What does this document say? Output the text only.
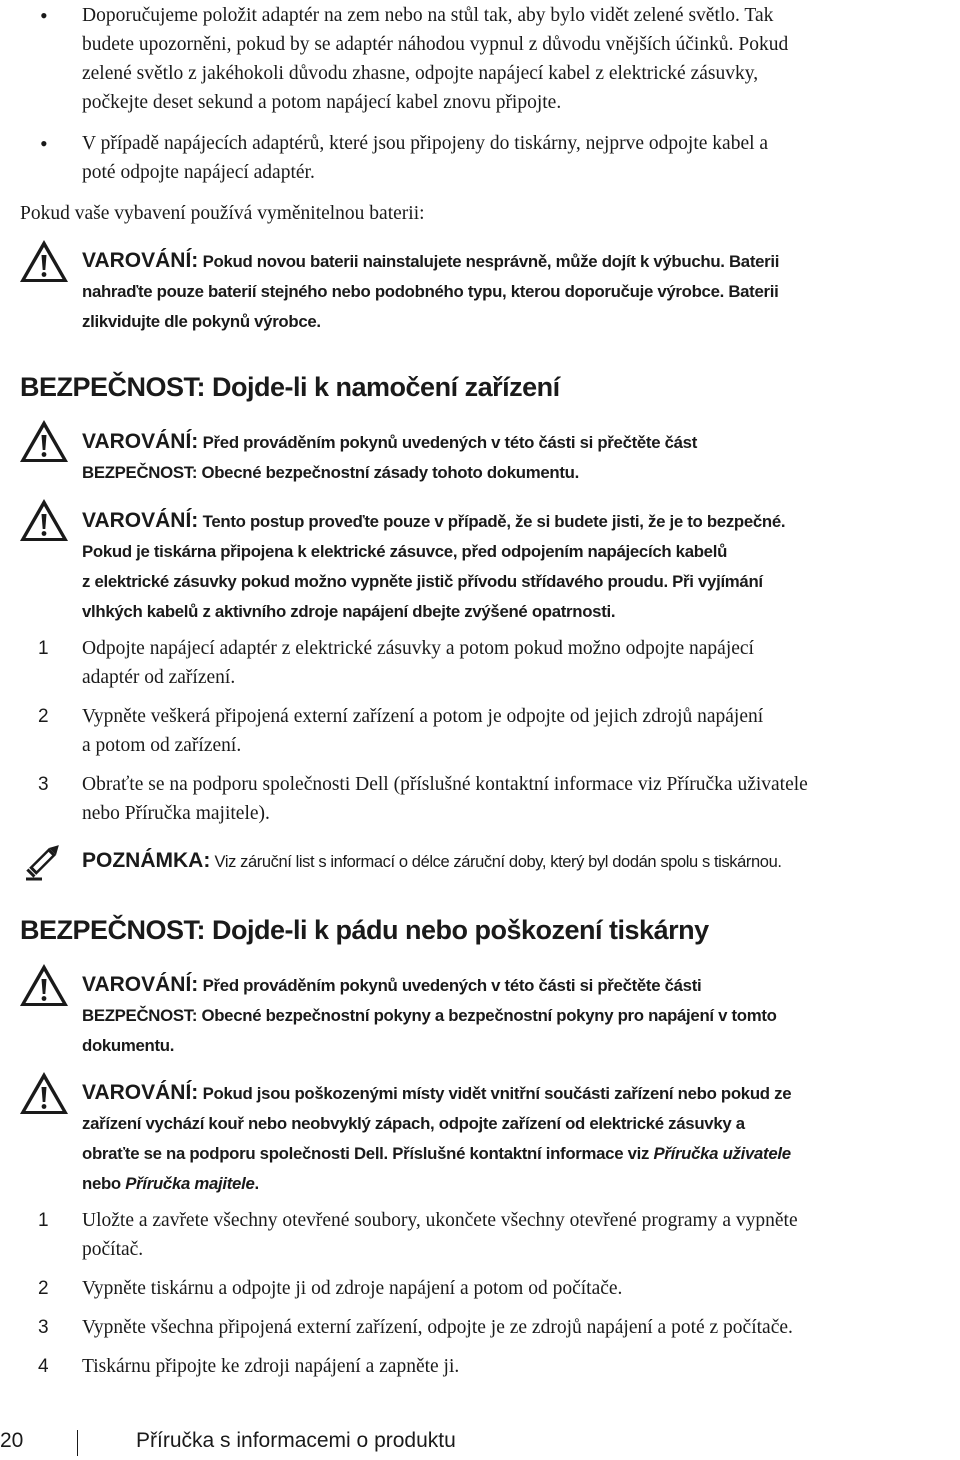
• Doporučujeme položit adaptér na zem nebo na stůl tak, aby bylo vidět zelené světlo. Tak
budete upozorněni, pokud by se adaptér náhodou vypnul z důvodu vnějších účinků. Pokud
zelené světlo z jakéhokoli důvodu zhasne, odpojte napájecí kabel z elektrické zásuvky,
počkejte deset sekund a potom napájecí kabel znovu připojte.
• V případě napájecích adaptérů, které jsou připojeny do tiskárny, nejprve odpojte kabel a
poté odpojte napájecí adaptér.
Pokud vaše vybavení používá vyměnitelnou baterii:
VAROVÁNÍ: Pokud novou baterii nainstalujete nesprávně, může dojít k výbuchu. Baterii
nahraďte pouze baterií stejného nebo podobného typu, kterou doporučuje výrobce. Baterii
zlikvidujte dle pokynů výrobce.
BEZPEČNOST: Dojde-li k namočení zařízení
VAROVÁNÍ: Před prováděním pokynů uvedených v této části si přečtěte část
BEZPEČNOST: Obecné bezpečnostní zásady tohoto dokumentu.
VAROVÁNÍ: Tento postup proveďte pouze v případě, že si budete jisti, že je to bezpečné.
Pokud je tiskárna připojena k elektrické zásuvce, před odpojením napájecích kabelů
z elektrické zásuvky pokud možno vypněte jistič přívodu střídavého proudu. Při vyjímání
vlhkých kabelů z aktivního zdroje napájení dbejte zvýšené opatrnosti.
1 Odpojte napájecí adaptér z elektrické zásuvky a potom pokud možno odpojte napájecí
adaptér od zařízení.
2 Vypněte veškerá připojená externí zařízení a potom je odpojte od jejich zdrojů napájení
a potom od zařízení.
3 Obraťte se na podporu společnosti Dell (příslušné kontaktní informace viz Příručka uživatele
nebo Příručka majitele).
POZNÁMKA: Viz záruční list s informací o délce záruční doby, který byl dodán spolu s tiskárnou.
BEZPEČNOST: Dojde-li k pádu nebo poškození tiskárny
VAROVÁNÍ: Před prováděním pokynů uvedených v této části si přečtěte části
BEZPEČNOST: Obecné bezpečnostní pokyny a bezpečnostní pokyny pro napájení v tomto
dokumentu.
VAROVÁNÍ: Pokud jsou poškozenými místy vidět vnitřní součásti zařízení nebo pokud ze
zařízení vychází kouř nebo neobvyklý zápach, odpojte zařízení od elektrické zásuvky a
obraťte se na podporu společnosti Dell. Příslušné kontaktní informace viz Příručka uživatele
nebo Příručka majitele.
1 Uložte a zavřete všechny otevřené soubory, ukončete všechny otevřené programy a vypněte
počítač.
2 Vypněte tiskárnu a odpojte ji od zdroje napájení a potom od počítače.
3 Vypněte všechna připojená externí zařízení, odpojte je ze zdrojů napájení a poté z počítače.
4 Tiskárnu připojte ke zdroji napájení a zapněte ji.
20	Příručka s informacemi o produktu
